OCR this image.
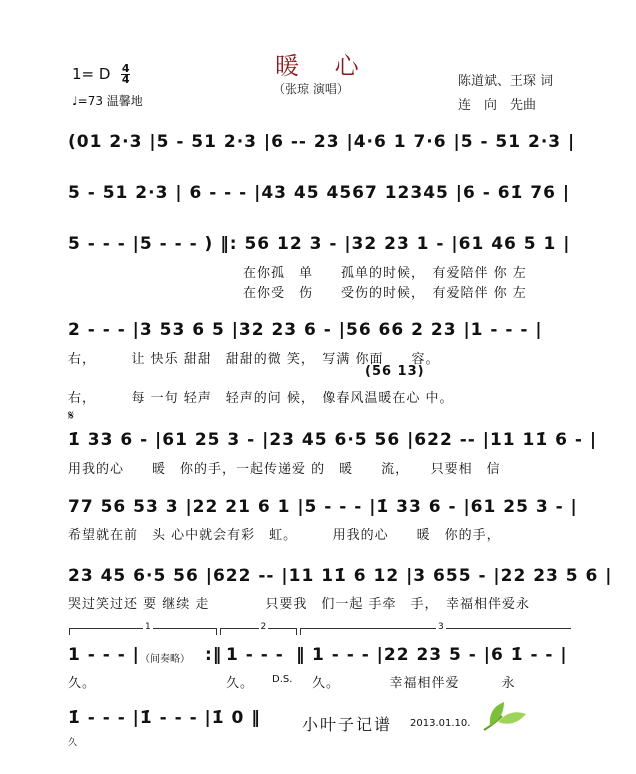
暖 心
（张琼 演唱）
1= D $\frac{4}{4}$
♩=73 温馨地
陈道斌、王琛 词
连　向　先曲
(01 2·3 |5 - 51 2·3 |6 -- 23 |4·6 1 7·6 |5 - 51 2·3 |
5 - 51 2·3 | 6 - - - |43 45 4567 12345 |6 - 61̇ 76 |
5 - - - |5 - - - ) ‖: 56 12 3 - |32 23 1 - |61 46 5 1 |
在你孤　单　　孤单的时候，　有爱陪伴 你 左
在你受　伤　　受伤的时候，　有爱陪伴 你 左
2 - - - |3 53 6 5 |32 23 6 - |56 66 2 23 |1 - - - |
右，　　　让 快乐 甜甜　甜甜的微 笑，　写满 你面　　容。
(56 13)
右，　　　每 一句 轻声　轻声的问 候，　像春风温暖在心 中。
𝄋
1̇ 33 6 - |61 25 3 - |23 45 6·5 56 |622 -- |11 11̇ 6 - |
用我的心　　暖　你的手，一起传递爱 的　暖　　流，　　只要相　信
77 56 53 3 |22 21 6 1 |5 - - - |1̇ 33 6 - |61 25 3 - |
希望就在前　头 心中就会有彩　虹。　　　用我的心　　暖　你的手，
23 45 6·5 56 |622 -- |11 11̇ 6 12 |3 655 - |22 23 5 6 |
哭过笑过还 要 继续 走　　　　只要我　们一起 手牵　手，　幸福相伴爱永
1	2	3
1 - - - | （间奏略） :‖ 1 - - - ‖ 1 - - - |22 23 5 - |6 1̇ - - |
久。	久。 D.S. 久。　　　　幸福相伴爱　　　永
1̇ - - - |1̇ - - - |1̇ 0 ‖
久
小叶子记谱 2013.01.10.
